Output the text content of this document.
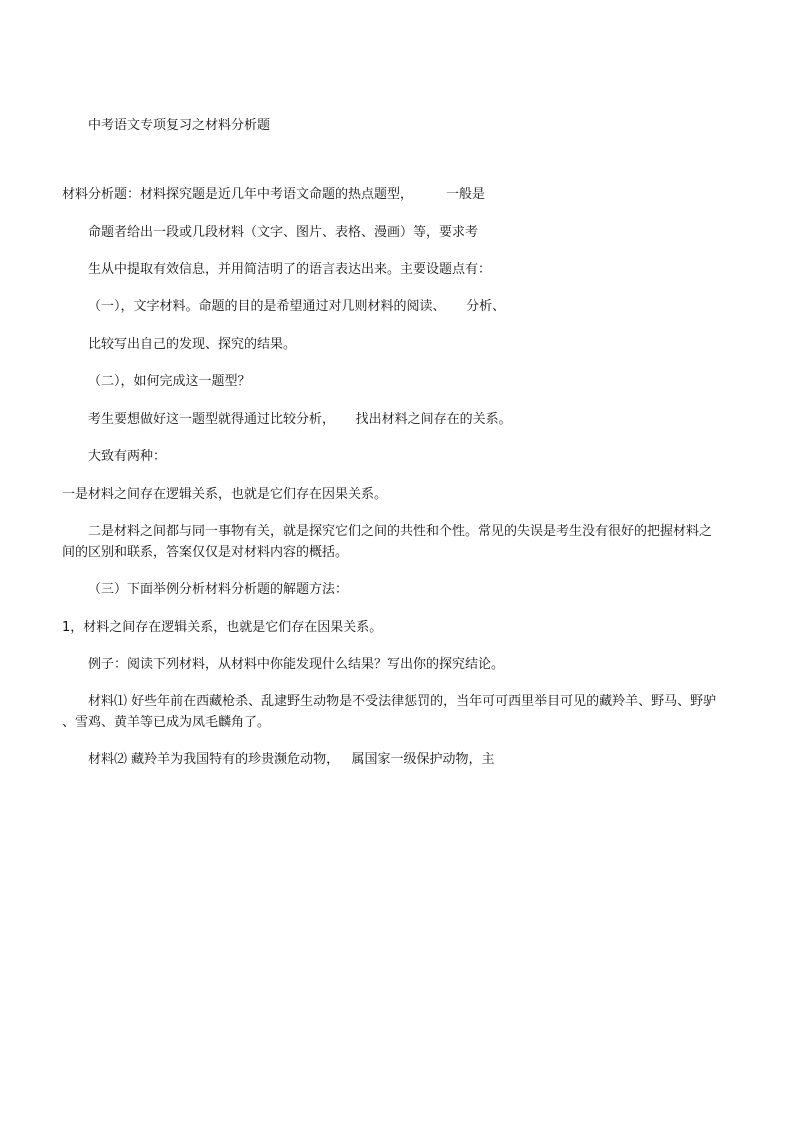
中考语文专项复习之材料分析题
材料分析题：材料探究题是近几年中考语文命题的热点题型，        一般是
命题者给出一段或几段材料（文字、图片、表格、漫画）等，要求考
生从中提取有效信息，并用简洁明了的语言表达出来。主要设题点有：
（一），文字材料。命题的目的是希望通过对几则材料的阅读、     分析、
比较写出自己的发现、探究的结果。
（二），如何完成这一题型？
考生要想做好这一题型就得通过比较分析，     找出材料之间存在的关系。
大致有两种：
一是材料之间存在逻辑关系，也就是它们存在因果关系。
二是材料之间都与同一事物有关，就是探究它们之间的共性和个性。常见的失误是考生没有很好的把握材料之
间的区别和联系，答案仅仅是对材料内容的概括。
（三）下面举例分析材料分析题的解题方法：
1，材料之间存在逻辑关系，也就是它们存在因果关系。
例子：阅读下列材料，从材料中你能发现什么结果？写出你的探究结论。
材料⑴ 好些年前在西藏枪杀、乱逮野生动物是不受法律惩罚的，当年可可西里举目可见的藏羚羊、野马、野驴
、雪鸡、黄羊等已成为凤毛麟角了。
材料⑵ 藏羚羊为我国特有的珍贵濒危动物，   属国家一级保护动物，主
